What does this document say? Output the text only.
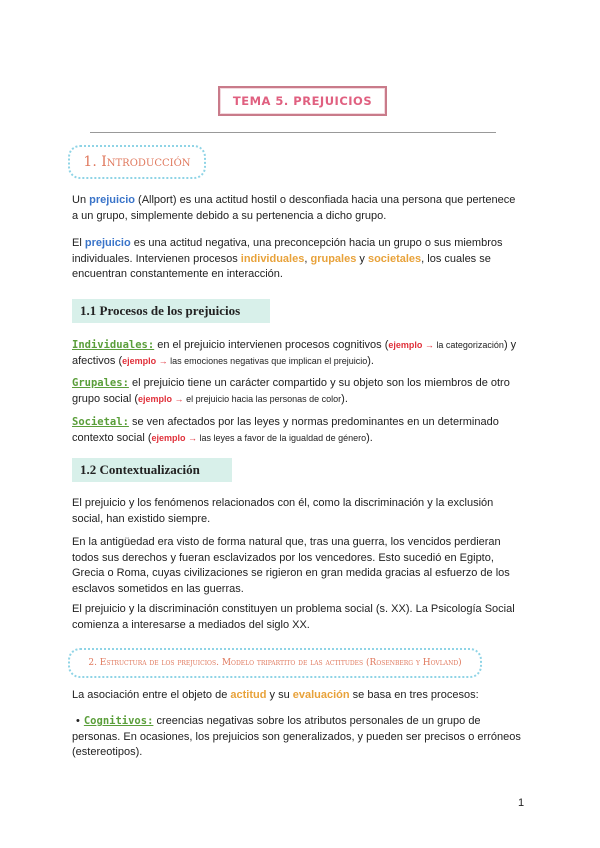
TEMA 5. PREJUICIOS
1. Introducción
Un prejuicio (Allport) es una actitud hostil o desconfiada hacia una persona que pertenece a un grupo, simplemente debido a su pertenencia a dicho grupo.
El prejuicio es una actitud negativa, una preconcepción hacia un grupo o sus miembros individuales. Intervienen procesos individuales, grupales y societales, los cuales se encuentran constantemente en interacción.
1.1 Procesos de los prejuicios
Individuales: en el prejuicio intervienen procesos cognitivos (ejemplo → la categorización) y afectivos (ejemplo → las emociones negativas que implican el prejuicio).
Grupales: el prejuicio tiene un carácter compartido y su objeto son los miembros de otro grupo social (ejemplo → el prejuicio hacia las personas de color).
Societal: se ven afectados por las leyes y normas predominantes en un determinado contexto social (ejemplo → las leyes a favor de la igualdad de género).
1.2 Contextualización
El prejuicio y los fenómenos relacionados con él, como la discriminación y la exclusión social, han existido siempre.
En la antigüedad era visto de forma natural que, tras una guerra, los vencidos perdieran todos sus derechos y fueran esclavizados por los vencedores. Esto sucedió en Egipto, Grecia o Roma, cuyas civilizaciones se rigieron en gran medida gracias al esfuerzo de los esclavos sometidos en las guerras.
El prejuicio y la discriminación constituyen un problema social (s. XX). La Psicología Social comienza a interesarse a mediados del siglo XX.
2. Estructura de los prejuicios. Modelo tripartito de las actitudes (Rosenberg y Hovland)
La asociación entre el objeto de actitud y su evaluación se basa en tres procesos:
• Cognitivos: creencias negativas sobre los atributos personales de un grupo de personas. En ocasiones, los prejuicios son generalizados, y pueden ser precisos o erróneos (estereotipos).
1
